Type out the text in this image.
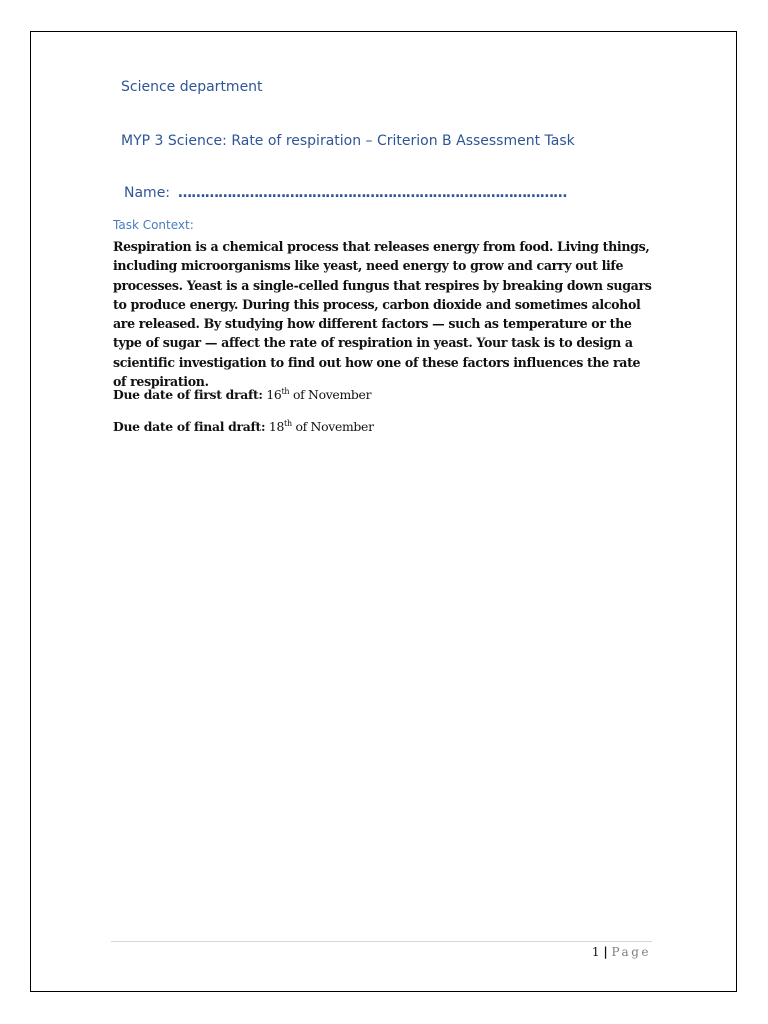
Science department
MYP 3 Science: Rate of respiration – Criterion B Assessment Task
Name: ……………………………………………………………………………
Task Context:
Respiration is a chemical process that releases energy from food. Living things, including microorganisms like yeast, need energy to grow and carry out life processes. Yeast is a single-celled fungus that respires by breaking down sugars to produce energy. During this process, carbon dioxide and sometimes alcohol are released. By studying how different factors — such as temperature or the type of sugar — affect the rate of respiration in yeast. Your task is to design a scientific investigation to find out how one of these factors influences the rate of respiration.
Due date of first draft: 16th of November
Due date of final draft: 18th of November
1 | Page
